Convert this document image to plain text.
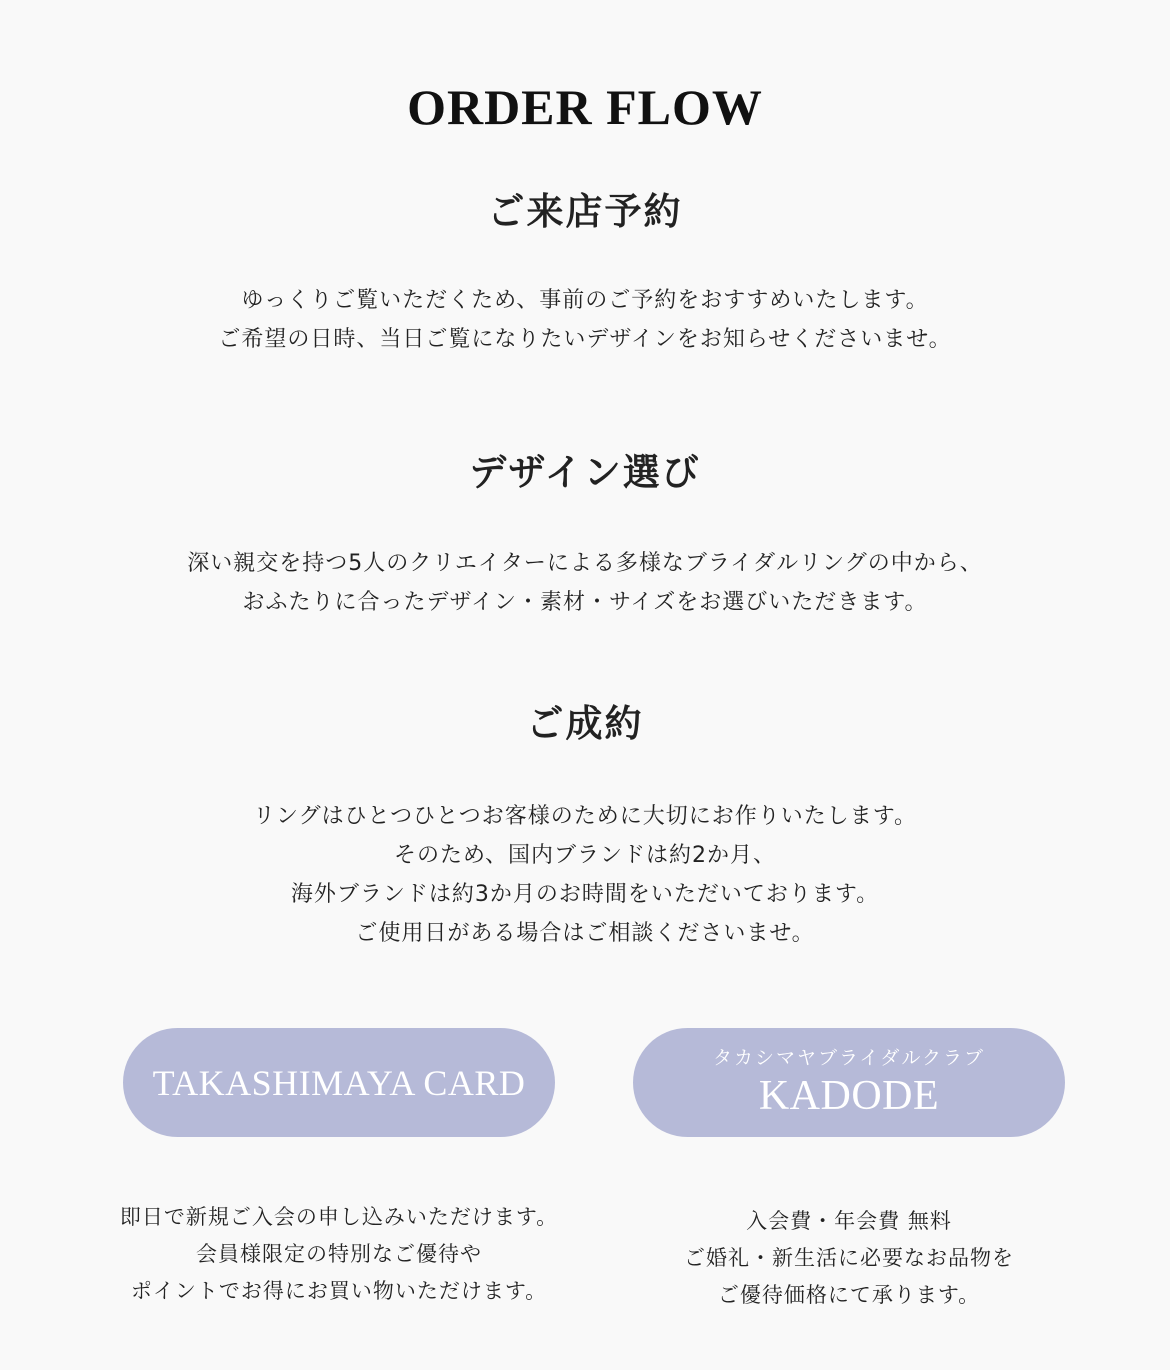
ORDER FLOW
ご来店予約

ゆっくりご覧いただくため、事前のご予約をおすすめいたします。
ご希望の日時、当日ご覧になりたいデザインをお知らせくださいませ。

デザイン選び

深い親交を持つ5人のクリエイターによる多様なブライダルリングの中から、
おふたりに合ったデザイン・素材・サイズをお選びいただきます。

ご成約

リングはひとつひとつお客様のために大切にお作りいたします。
そのため、国内ブランドは約2か月、
海外ブランドは約3か月のお時間をいただいております。
ご使用日がある場合はご相談くださいませ。

TAKASHIMAYA CARD
即日で新規ご入会の申し込みいただけます。
会員様限定の特別なご優待や
ポイントでお得にお買い物いただけます。
タカシマヤブライダルクラブ
KADODE
入会費・年会費 無料
ご婚礼・新生活に必要なお品物を
ご優待価格にて承ります。
